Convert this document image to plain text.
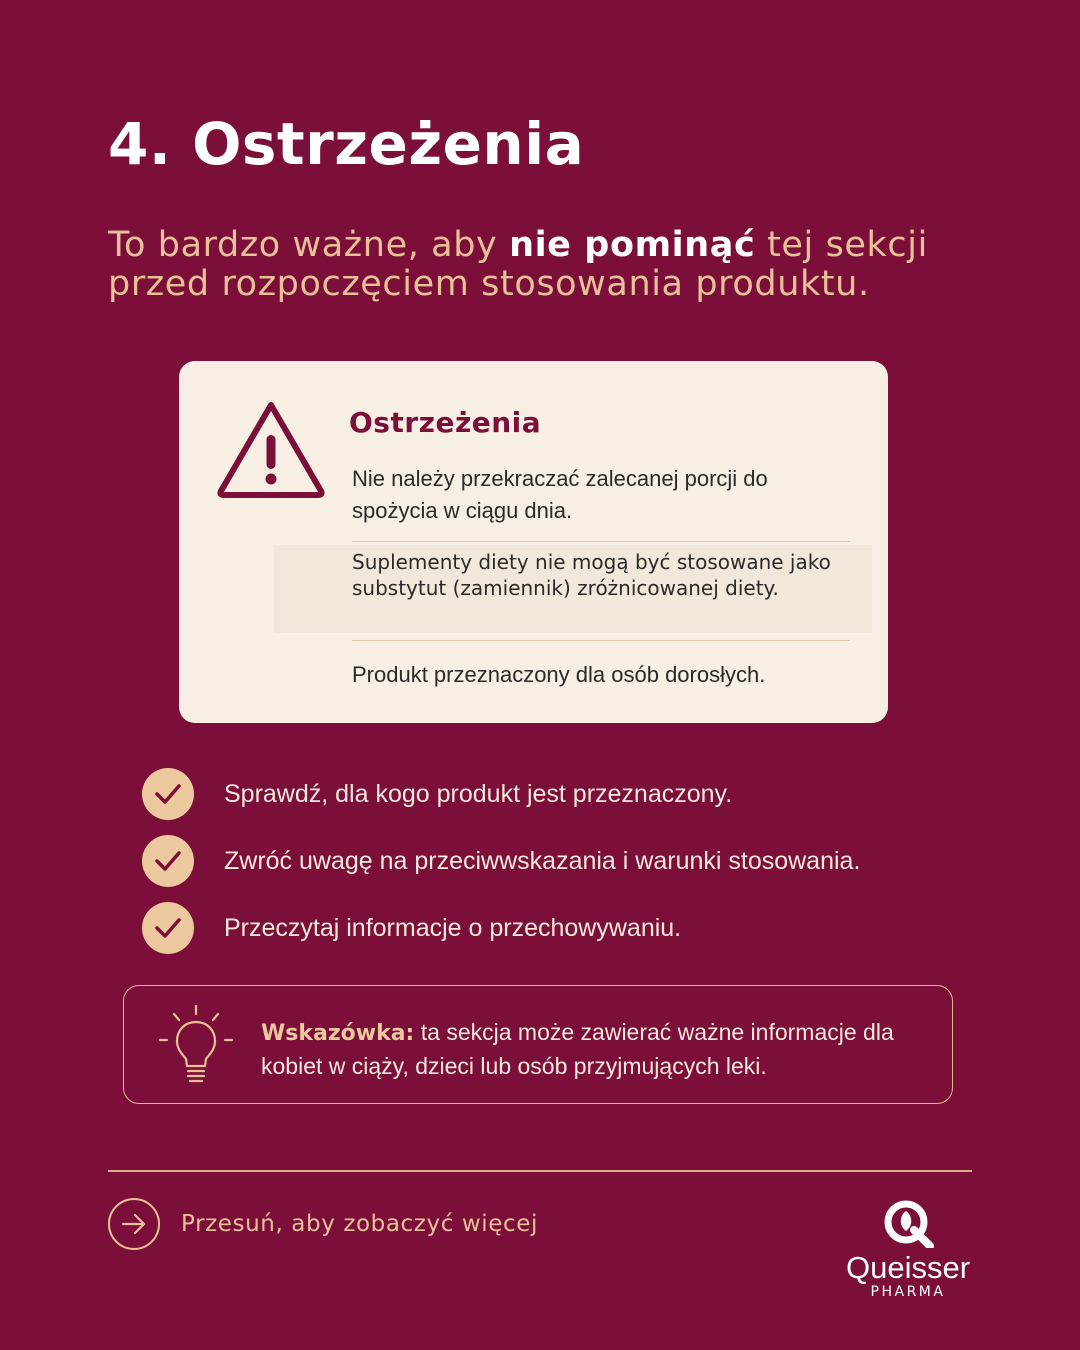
4. Ostrzeżenia

To bardzo ważne, aby nie pominąć tej sekcji przed rozpoczęciem stosowania produktu.

Ostrzeżenia

Nie należy przekraczać zalecanej porcji do spożycia w ciągu dnia.

Suplementy diety nie mogą być stosowane jako substytut (zamiennik) zróżnicowanej diety.

Produkt przeznaczony dla osób dorosłych.

Sprawdź, dla kogo produkt jest przeznaczony.
Zwróć uwagę na przeciwwskazania i warunki stosowania.
Przeczytaj informacje o przechowywaniu.

Wskazówka: ta sekcja może zawierać ważne informacje dla kobiet w ciąży, dzieci lub osób przyjmujących leki.

Przesuń, aby zobaczyć więcej
Queisser
PHARMA
